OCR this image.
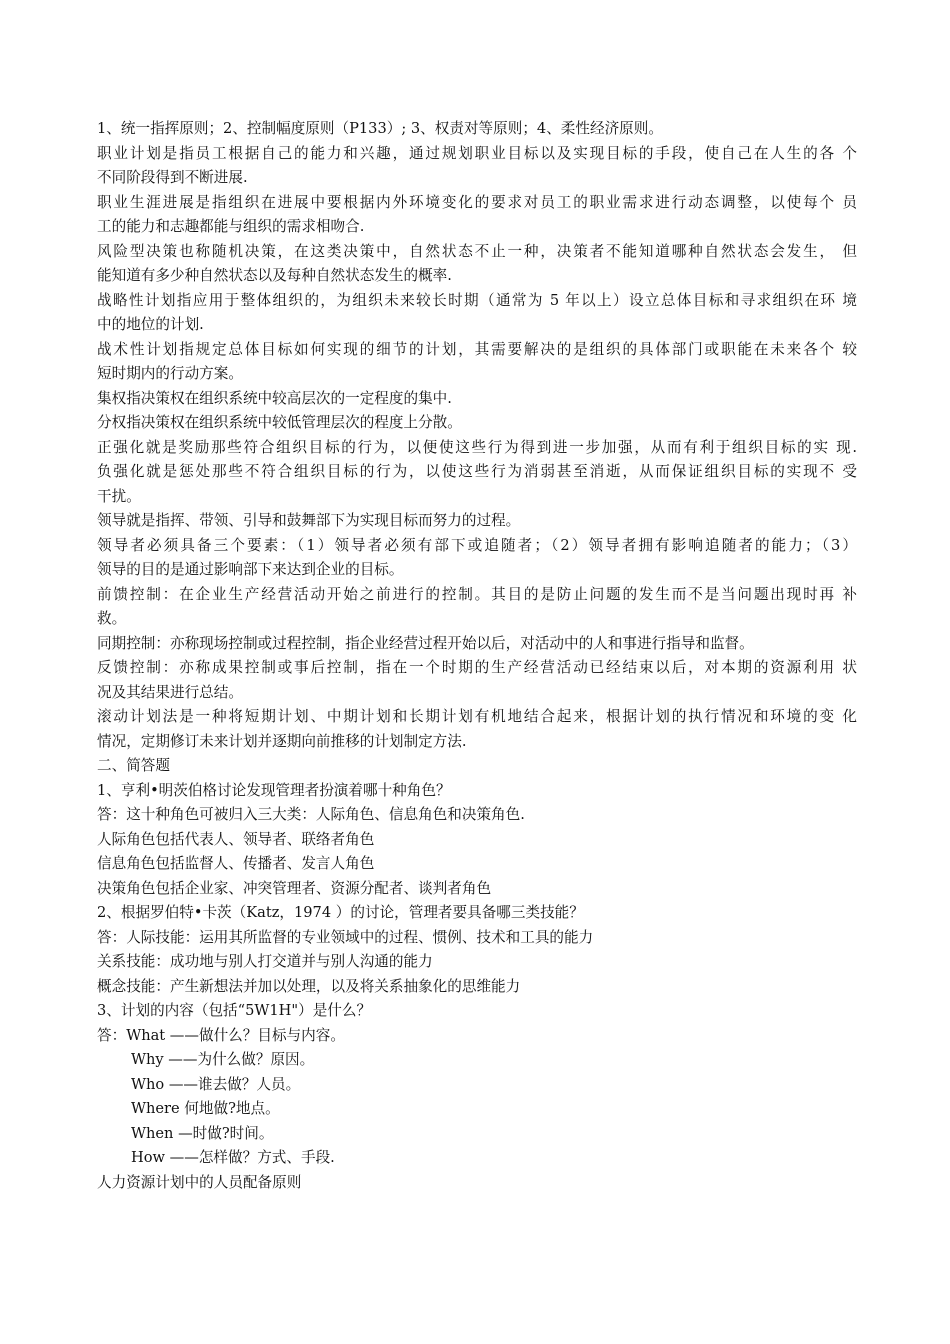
1、统一指挥原则；2、控制幅度原则（P133）; 3、权责对等原则；4、柔性经济原则。
职业计划是指员工根据自己的能力和兴趣，通过规划职业目标以及实现目标的手段，使自己在人生的各 个
不同阶段得到不断进展.
职业生涯进展是指组织在进展中要根据内外环境变化的要求对员工的职业需求进行动态调整，以使每个 员
工的能力和志趣都能与组织的需求相吻合.
风险型决策也称随机决策，在这类决策中，自然状态不止一种，决策者不能知道哪种自然状态会发生， 但
能知道有多少种自然状态以及每种自然状态发生的概率.
战略性计划指应用于整体组织的，为组织未来较长时期（通常为 5 年以上）设立总体目标和寻求组织在环 境
中的地位的计划.
战术性计划指规定总体目标如何实现的细节的计划，其需要解决的是组织的具体部门或职能在未来各个 较
短时期内的行动方案。
集权指决策权在组织系统中较高层次的一定程度的集中.
分权指决策权在组织系统中较低管理层次的程度上分散。
正强化就是奖励那些符合组织目标的行为，以便使这些行为得到进一步加强，从而有利于组织目标的实 现.
负强化就是惩处那些不符合组织目标的行为，以使这些行为消弱甚至消逝，从而保证组织目标的实现不 受
干扰。
领导就是指挥、带领、引导和鼓舞部下为实现目标而努力的过程。
领导者必须具备三个要素：（1）领导者必须有部下或追随者；（2）领导者拥有影响追随者的能力；（3）
领导的目的是通过影响部下来达到企业的目标。
前馈控制：在企业生产经营活动开始之前进行的控制。其目的是防止问题的发生而不是当问题出现时再 补
救。
同期控制：亦称现场控制或过程控制，指企业经营过程开始以后，对活动中的人和事进行指导和监督。
反馈控制：亦称成果控制或事后控制，指在一个时期的生产经营活动已经结束以后，对本期的资源利用 状
况及其结果进行总结。
滚动计划法是一种将短期计划、中期计划和长期计划有机地结合起来，根据计划的执行情况和环境的变 化
情况，定期修订未来计划并逐期向前推移的计划制定方法.
二、简答题
1、亨利•明茨伯格讨论发现管理者扮演着哪十种角色？
答：这十种角色可被归入三大类：人际角色、信息角色和决策角色.
人际角色包括代表人、领导者、联络者角色
信息角色包括监督人、传播者、发言人角色
决策角色包括企业家、冲突管理者、资源分配者、谈判者角色
2、根据罗伯特•卡茨（Katz，1974 ）的讨论，管理者要具备哪三类技能？
答：人际技能：运用其所监督的专业领域中的过程、惯例、技术和工具的能力
关系技能：成功地与别人打交道并与别人沟通的能力
概念技能：产生新想法并加以处理，以及将关系抽象化的思维能力
3、计划的内容（包括“5W1H"）是什么？
答：What ——做什么？目标与内容。
Why ——为什么做？原因。
Who ——谁去做？人员。
Where 何地做?地点。
When —时做?时间。
How ——怎样做？方式、手段.
人力资源计划中的人员配备原则
